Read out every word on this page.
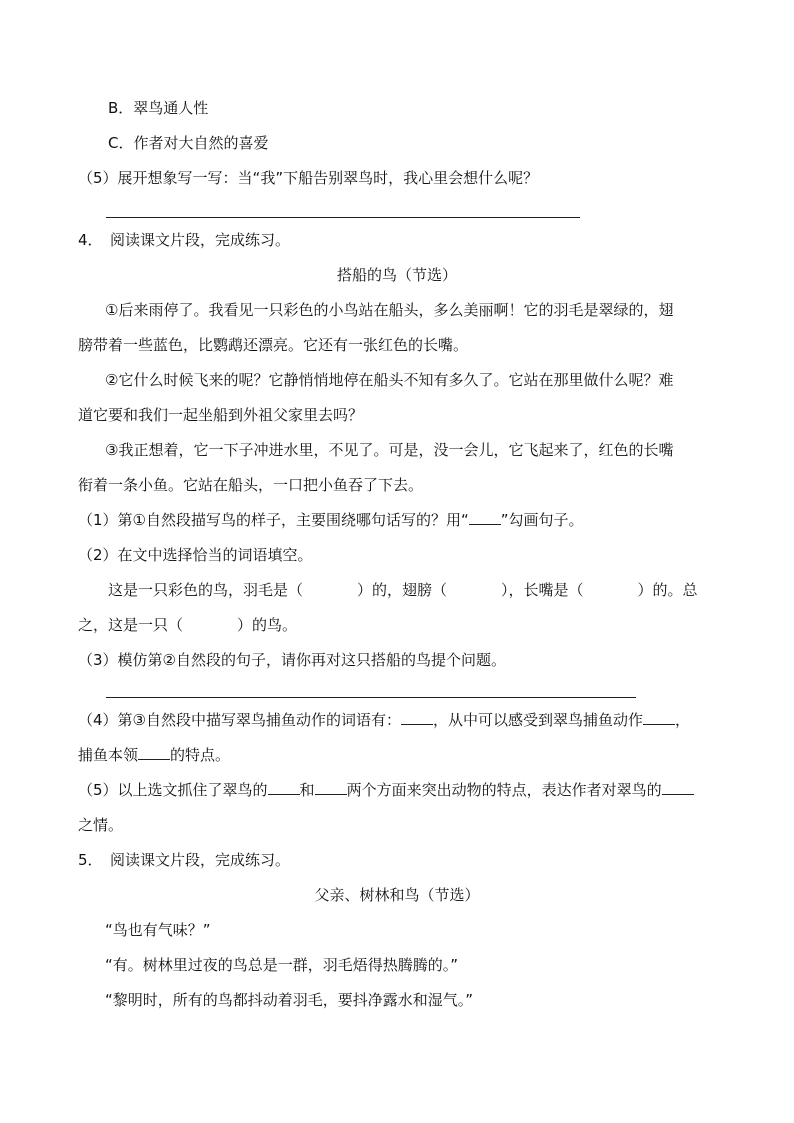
B．翠鸟通人性
C．作者对大自然的喜爱
（5）展开想象写一写：当“我”下船告别翠鸟时，我心里会想什么呢？
4．　阅读课文片段，完成练习。
搭船的鸟（节选）
①后来雨停了。我看见一只彩色的小鸟站在船头，多么美丽啊！它的羽毛是翠绿的，翅
膀带着一些蓝色，比鹦鹉还漂亮。它还有一张红色的长嘴。
②它什么时候飞来的呢？它静悄悄地停在船头不知有多久了。它站在那里做什么呢？难
道它要和我们一起坐船到外祖父家里去吗？
③我正想着，它一下子冲进水里，不见了。可是，没一会儿，它飞起来了，红色的长嘴
衔着一条小鱼。它站在船头，一口把小鱼吞了下去。
（1）第①自然段描写鸟的样子，主要围绕哪句话写的？用“ ”勾画句子。
（2）在文中选择恰当的词语填空。
这是一只彩色的鸟，羽毛是（	）的，翅膀（	），长嘴是（	）的。总
之，这是一只（	）的鸟。
（3）模仿第②自然段的句子，请你再对这只搭船的鸟提个问题。
（4）第③自然段中描写翠鸟捕鱼动作的词语有： ，从中可以感受到翠鸟捕鱼动作 ，
捕鱼本领 的特点。
（5）以上选文抓住了翠鸟的 和 两个方面来突出动物的特点，表达作者对翠鸟的
之情。
5．　阅读课文片段，完成练习。
父亲、树林和鸟（节选）
“鸟也有气味？”
“有。树林里过夜的鸟总是一群，羽毛焐得热腾腾的。”
“黎明时，所有的鸟都抖动着羽毛，要抖净露水和湿气。”
